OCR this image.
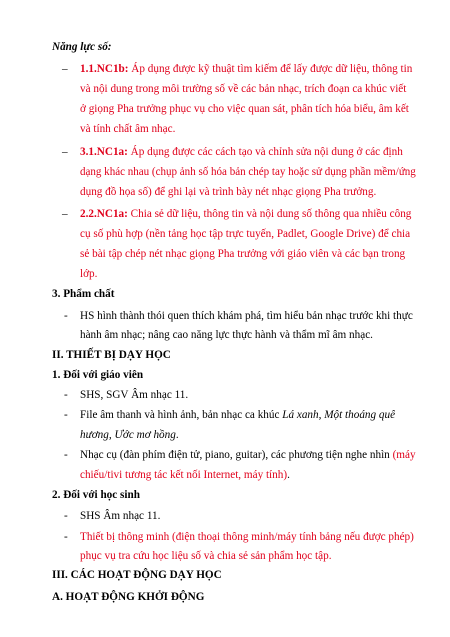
Năng lực số:
– 1.1.NC1b: Áp dụng được kỹ thuật tìm kiếm để lấy được dữ liệu, thông tin
và nội dung trong môi trường số về các bản nhạc, trích đoạn ca khúc viết
ở giọng Pha trưởng phục vụ cho việc quan sát, phân tích hóa biểu, âm kết
và tính chất âm nhạc.
– 3.1.NC1a: Áp dụng được các cách tạo và chỉnh sửa nội dung ở các định
dạng khác nhau (chụp ảnh số hóa bản chép tay hoặc sử dụng phần mềm/ứng
dụng đồ họa số) để ghi lại và trình bày nét nhạc giọng Pha trưởng.
– 2.2.NC1a: Chia sẻ dữ liệu, thông tin và nội dung số thông qua nhiều công
cụ số phù hợp (nền tảng học tập trực tuyến, Padlet, Google Drive) để chia
sẻ bài tập chép nét nhạc giọng Pha trưởng với giáo viên và các bạn trong
lớp.
3. Phẩm chất
- HS hình thành thói quen thích khám phá, tìm hiểu bản nhạc trước khi thực
hành âm nhạc; nâng cao năng lực thực hành và thẩm mĩ âm nhạc.
II. THIẾT BỊ DẠY HỌC
1. Đối với giáo viên
- SHS, SGV Âm nhạc 11.
- File âm thanh và hình ảnh, bản nhạc ca khúc Lá xanh, Một thoáng quê
hương, Ước mơ hồng.
- Nhạc cụ (đàn phím điện tử, piano, guitar), các phương tiện nghe nhìn (máy
chiếu/tivi tương tác kết nối Internet, máy tính).
2. Đối với học sinh
- SHS Âm nhạc 11.
- Thiết bị thông minh (điện thoại thông minh/máy tính bảng nếu được phép)
phục vụ tra cứu học liệu số và chia sẻ sản phẩm học tập.
III. CÁC HOẠT ĐỘNG DẠY HỌC
A. HOẠT ĐỘNG KHỞI ĐỘNG
